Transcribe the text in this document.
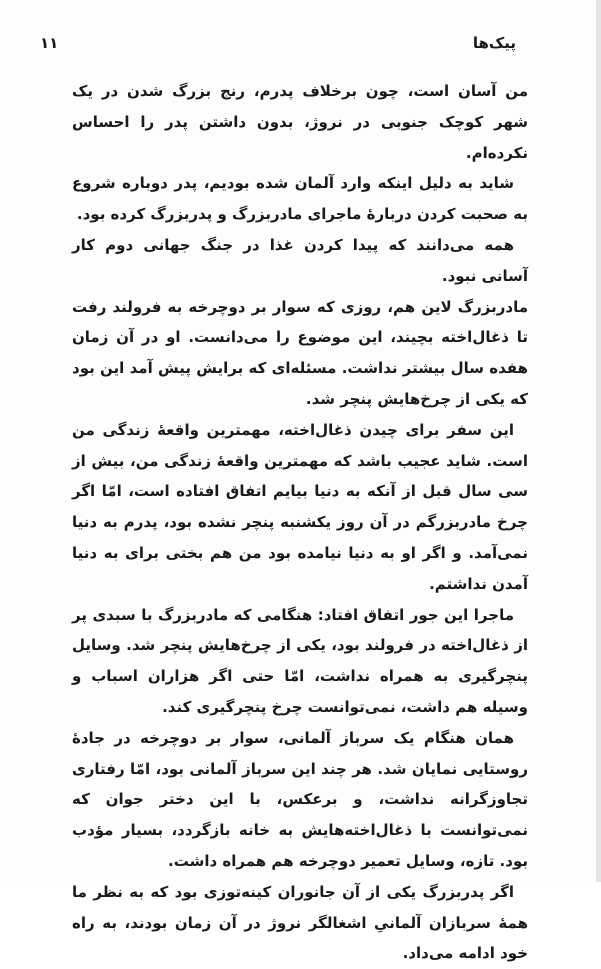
پیک‌ها
۱۱

من آسان است، چون برخلاف پدرم، رنج بزرگ شدن در یک شهر کوچک جنوبی در نروژ، بدون داشتن پدر را احساس نکرده‌ام.

شاید به دلیل اینکه وارد آلمان شده بودیم، پدر دوباره شروع به صحبت کردن دربارهٔ ماجرای مادربزرگ و پدربزرگ کرده بود.

همه می‌دانند که پیدا کردن غذا در جنگ جهانی دوم کار آسانی نبود.

مادربزرگ لاین هم، روزی که سوار بر دوچرخه به فرولند رفت تا ذغال‌اخته بچیند، این موضوع را می‌دانست. او در آن زمان هفده سال بیشتر نداشت. مسئله‌ای که برایش پیش آمد این بود که یکی از چرخ‌هایش پنچر شد.

این سفر برای چیدن ذغال‌اخته، مهمترین واقعهٔ زندگی من است. شاید عجیب باشد که مهمترین واقعهٔ زندگی من، بیش از سی سال قبل از آنکه به دنیا بیایم اتفاق افتاده است، امّا اگر چرخ مادربزرگم در آن روز یکشنبه پنچر نشده بود، پدرم به دنیا نمی‌آمد. و اگر او به دنیا نیامده بود من هم بختی برای به دنیا آمدن نداشتم.

ماجرا این جور اتفاق افتاد: هنگامی که مادربزرگ با سبدی پر از ذغال‌اخته در فرولند بود، یکی از چرخ‌هایش پنچر شد. وسایل پنچرگیری به همراه نداشت، امّا حتی اگر هزاران اسباب و وسیله هم داشت، نمی‌توانست چرخ پنچرگیری کند.

همان هنگام یک سرباز آلمانی، سوار بر دوچرخه در جادهٔ روستایی نمایان شد. هر چند این سرباز آلمانی بود، امّا رفتاری تجاوزگرانه نداشت، و برعکس، با این دختر جوان که نمی‌توانست با ذغال‌اخته‌هایش به خانه بازگردد، بسیار مؤدب بود. تازه، وسایل تعمیر دوچرخه هم همراه داشت.

اگر پدربزرگ یکی از آن جانوران کینه‌توزی بود که به نظر ما همهٔ سربازان آلمانیِ اشغالگر نروژ در آن زمان بودند، به راه خود ادامه می‌داد.
